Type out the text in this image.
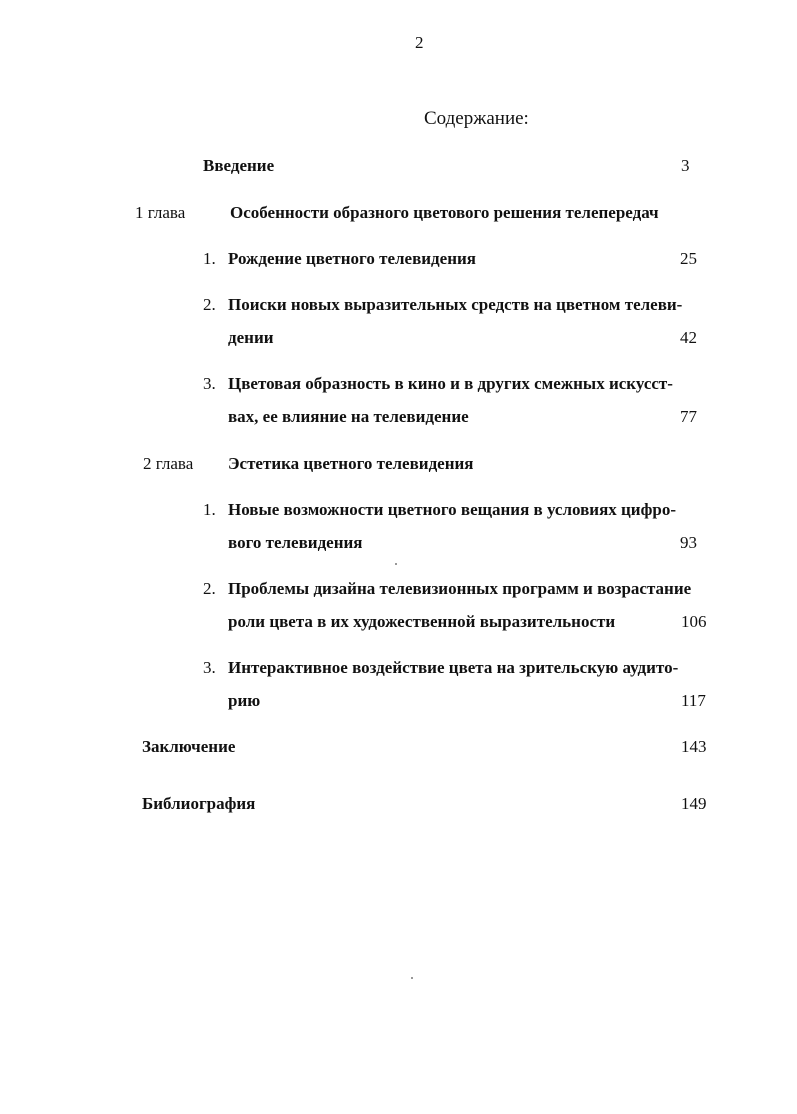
2
Содержание:
Введение	3
1 глава	Особенности образного цветового решения телепередач
1. Рождение цветного телевидения	25
2. Поиски новых выразительных средств на цветном телеви-
дении	42
3. Цветовая образность в кино и в других смежных искусст-
вах, ее влияние на телевидение	77
2 глава Эстетика цветного телевидения
1. Новые возможности цветного вещания в условиях цифро-
вого телевидения	93
2. Проблемы дизайна телевизионных программ и возрастание
роли цвета в их художественной выразительности	106
3. Интерактивное воздействие цвета на зрительскую аудито-
рию	117
Заключение	143
Библиография	149
